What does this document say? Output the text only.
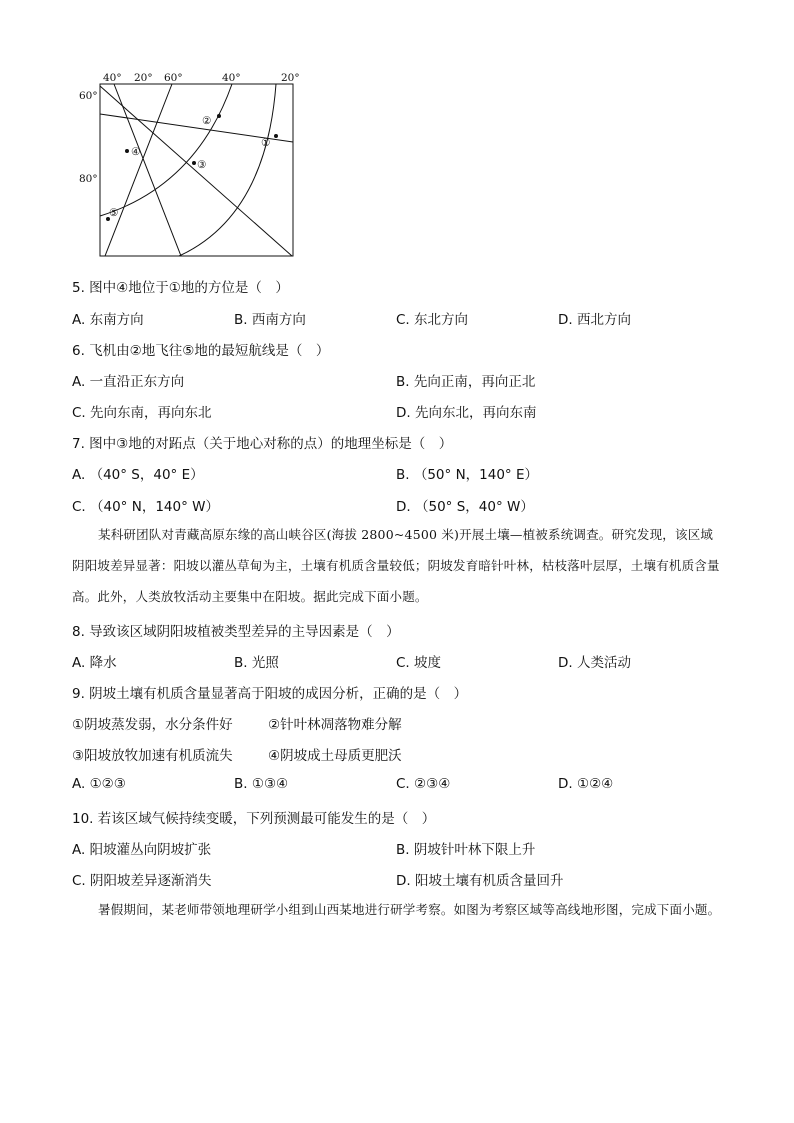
40° 20° 60°	40°	20°
60°
80°
②
①
④
③
⑤
5. 图中④地位于①地的方位是（　）
A. 东南方向	B. 西南方向	C. 东北方向	D. 西北方向
6. 飞机由②地飞往⑤地的最短航线是（　）
A. 一直沿正东方向	B. 先向正南，再向正北
C. 先向东南，再向东北	D. 先向东北，再向东南
7. 图中③地的对跖点（关于地心对称的点）的地理坐标是（　）
A. （40° S，40° E）	B. （50° N，140° E）
C. （40° N，140° W）	D. （50° S，40° W）
某科研团队对青藏高原东缘的高山峡谷区(海拔 2800~4500 米)开展土壤—植被系统调查。研究发现，该区域阴阳坡差异显著：阳坡以灌丛草甸为主，土壤有机质含量较低；阴坡发育暗针叶林，枯枝落叶层厚，土壤有机质含量高。此外，人类放牧活动主要集中在阳坡。据此完成下面小题。
8. 导致该区域阴阳坡植被类型差异的主导因素是（　）
A. 降水	B. 光照	C. 坡度	D. 人类活动
9. 阴坡土壤有机质含量显著高于阳坡的成因分析，正确的是（　）
①阴坡蒸发弱，水分条件好	②针叶林凋落物难分解
③阳坡放牧加速有机质流失	④阴坡成土母质更肥沃
A. ①②③	B. ①③④	C. ②③④	D. ①②④
10. 若该区域气候持续变暖，下列预测最可能发生的是（　）
A. 阳坡灌丛向阴坡扩张	B. 阴坡针叶林下限上升
C. 阴阳坡差异逐渐消失	D. 阳坡土壤有机质含量回升
暑假期间，某老师带领地理研学小组到山西某地进行研学考察。如图为考察区域等高线地形图，完成下面小题。
